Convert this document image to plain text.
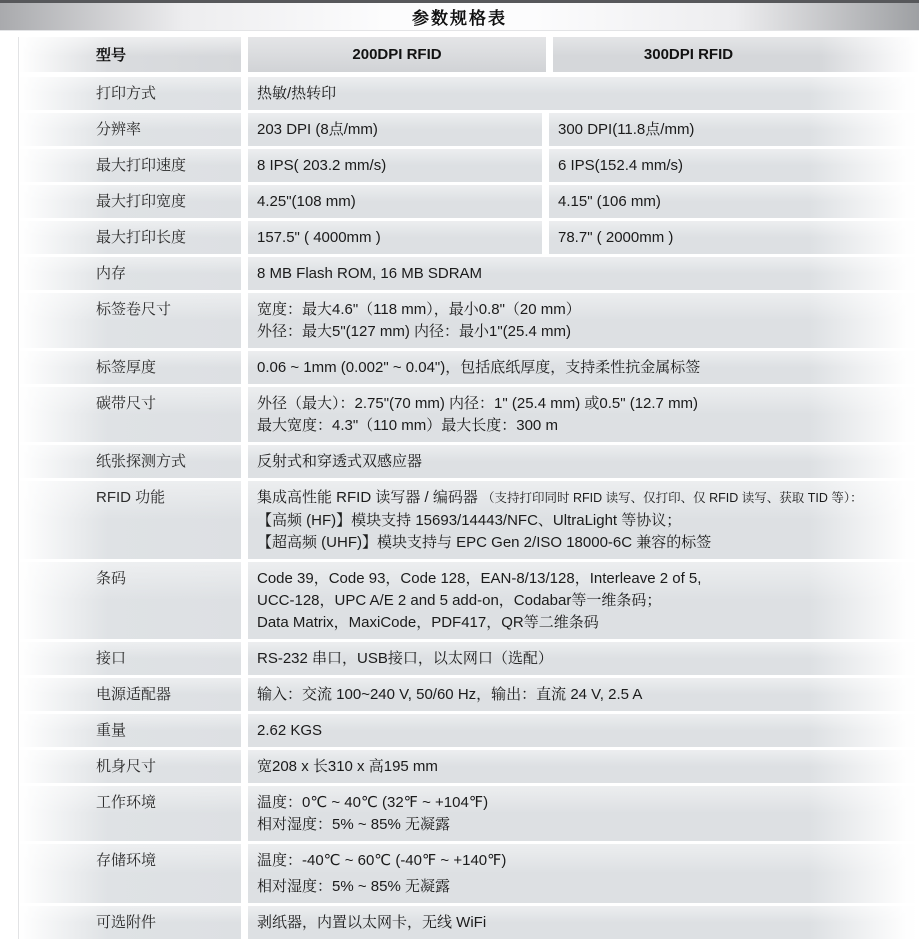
参数规格表
型号	200DPI RFID	300DPI RFID
打印方式	热敏/热转印
分辨率	203 DPI (8点/mm)	300 DPI(11.8点/mm)
最大打印速度	8 IPS( 203.2 mm/s)	6 IPS(152.4 mm/s)
最大打印宽度	4.25"(108 mm)	4.15" (106 mm)
最大打印长度	157.5" ( 4000mm )	78.7" ( 2000mm )
内存	8 MB Flash ROM, 16 MB SDRAM
标签卷尺寸	宽度：最大4.6"（118 mm），最小0.8"（20 mm）
外径：最大5"(127 mm) 内径：最小1"(25.4 mm)
标签厚度	0.06 ~ 1mm (0.002" ~ 0.04")，包括底纸厚度，支持柔性抗金属标签
碳带尺寸	外径（最大）：2.75"(70 mm) 内径：1" (25.4 mm) 或0.5" (12.7 mm)
最大宽度：4.3"（110 mm）最大长度：300 m
纸张探测方式	反射式和穿透式双感应器
RFID 功能	集成高性能 RFID 读写器 / 编码器 （支持打印同时 RFID 读写、仅打印、仅 RFID 读写、获取 TID 等）：
【高频 (HF)】模块支持 15693/14443/NFC、UltraLight 等协议；
【超高频 (UHF)】模块支持与 EPC Gen 2/ISO 18000-6C 兼容的标签
条码	Code 39，Code 93，Code 128，EAN-8/13/128，Interleave 2 of 5,
UCC-128，UPC A/E 2 and 5 add-on，Codabar等一维条码；
Data Matrix，MaxiCode，PDF417，QR等二维条码
接口	RS-232 串口，USB接口，以太网口（选配）
电源适配器	输入：交流 100~240 V, 50/60 Hz，输出：直流 24 V, 2.5 A
重量	2.62 KGS
机身尺寸	宽208 x 长310 x 高195 mm
工作环境	温度：0℃ ~ 40℃ (32℉ ~ +104℉)
相对湿度：5% ~ 85% 无凝露
存储环境	温度：-40℃ ~ 60℃ (-40℉ ~ +140℉)
相对湿度：5% ~ 85% 无凝露
可选附件	剥纸器，内置以太网卡，无线 WiFi
